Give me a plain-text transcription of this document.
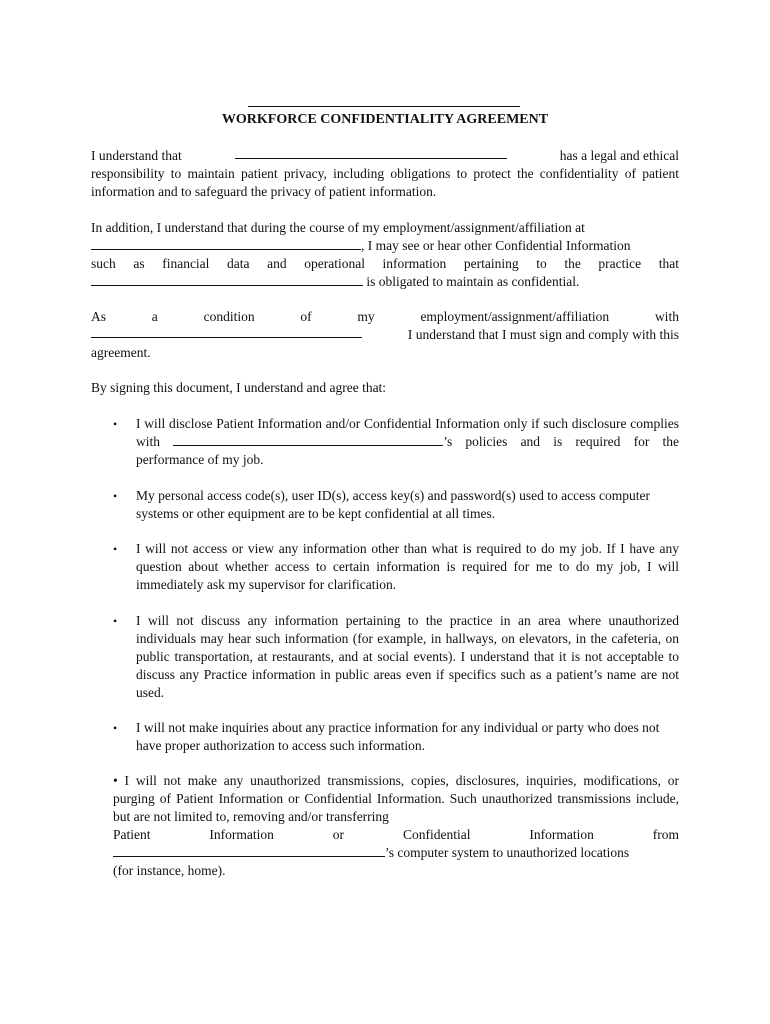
WORKFORCE CONFIDENTIALITY AGREEMENT
I understand that	has a legal and ethical
responsibility to maintain patient privacy, including obligations to protect the confidentiality of patient information and to safeguard the privacy of patient information.
In addition, I understand that during the course of my employment/assignment/affiliation at
, I may see or hear other Confidential Information
such as financial data and operational information pertaining to the practice that
is obligated to maintain as confidential.
As	a	condition	of	my	employment/assignment/affiliation	with
I understand that I must sign and comply with this
agreement.
By signing this document, I understand and agree that:
• I will disclose Patient Information and/or Confidential Information only if such disclosure complies with	’s policies and is required for the performance of my job.
• My personal access code(s), user ID(s), access key(s) and password(s) used to access computer systems or other equipment are to be kept confidential at all times.
• I will not access or view any information other than what is required to do my job. If I have any question about whether access to certain information is required for me to do my job, I will immediately ask my supervisor for clarification.
• I will not discuss any information pertaining to the practice in an area where unauthorized individuals may hear such information (for example, in hallways, on elevators, in the cafeteria, on public transportation, at restaurants, and at social events). I understand that it is not acceptable to discuss any Practice information in public areas even if specifics such as a patient’s name are not used.
• I will not make inquiries about any practice information for any individual or party who does not have proper authorization to access such information.
• I will not make any unauthorized transmissions, copies, disclosures, inquiries, modifications, or purging of Patient Information or Confidential Information. Such unauthorized transmissions include, but are not limited to, removing and/or transferring
Patient	Information	or	Confidential	Information	from
’s computer system to unauthorized locations
(for instance, home).
